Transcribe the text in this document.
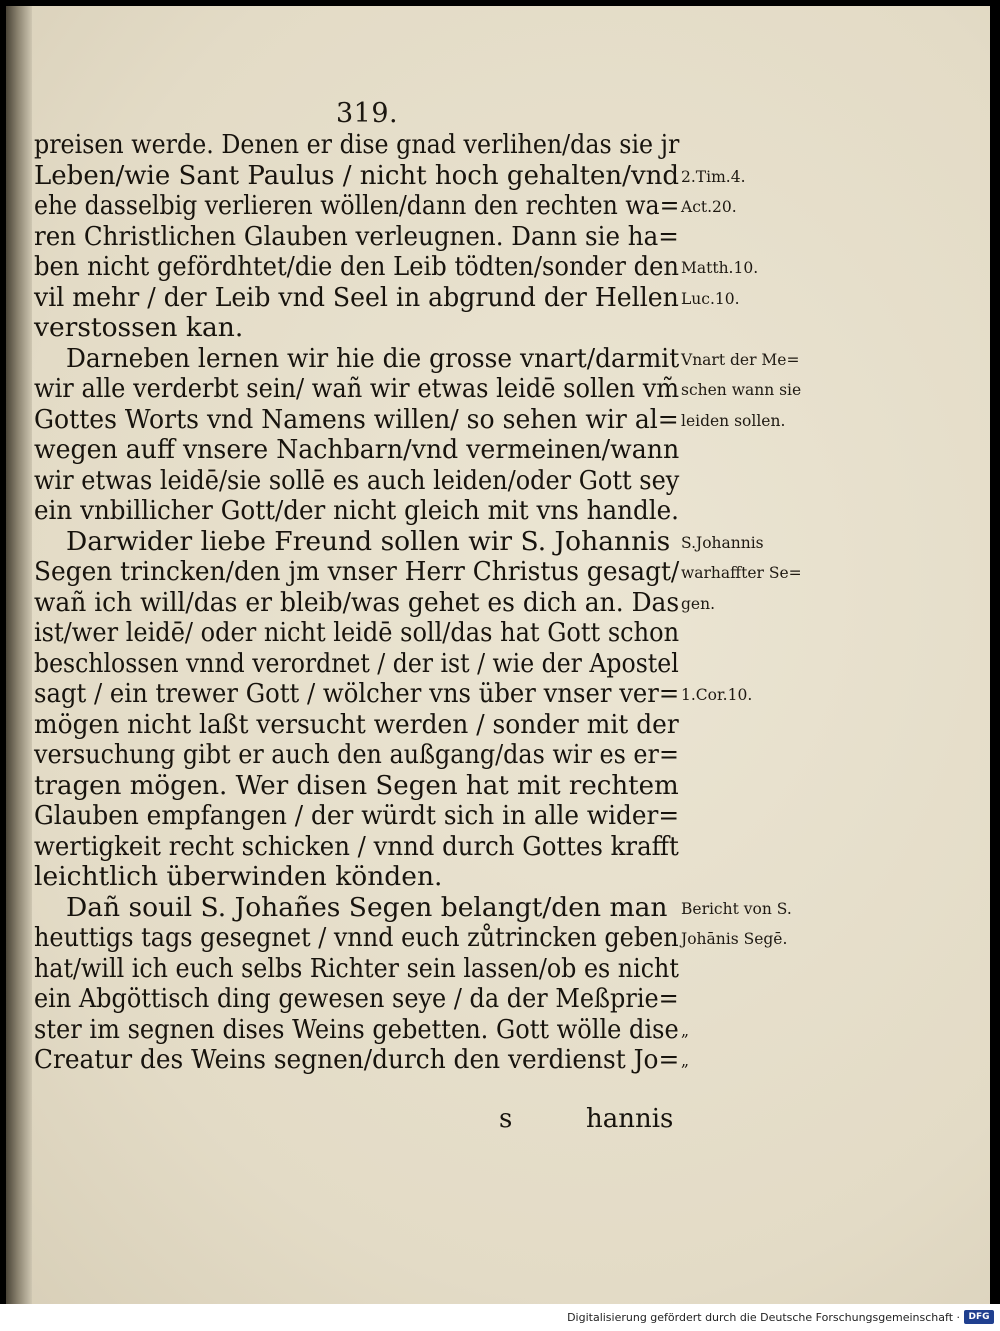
319.
preisen werde. Denen er dise gnad verlihen/das sie jr
Leben/wie Sant Paulus / nicht hoch gehalten/vnd
ehe dasselbig verlieren wöllen/dann den rechten wa=
ren Christlichen Glauben verleugnen. Dann sie ha=
ben nicht gefördhtet/die den Leib tödten/sonder den
vil mehr / der Leib vnd Seel in abgrund der Hellen
verstossen kan.
Darneben lernen wir hie die grosse vnart/darmit
wir alle verderbt sein/ wañ wir etwas leidē sollen vm̃
Gottes Worts vnd Namens willen/ so sehen wir al=
wegen auff vnsere Nachbarn/vnd vermeinen/wann
wir etwas leidē/sie sollē es auch leiden/oder Gott sey
ein vnbillicher Gott/der nicht gleich mit vns handle.
Darwider liebe Freund sollen wir S. Johannis
Segen trincken/den jm vnser Herr Christus gesagt/
wañ ich will/das er bleib/was gehet es dich an. Das
ist/wer leidē/ oder nicht leidē soll/das hat Gott schon
beschlossen vnnd verordnet / der ist / wie der Apostel
sagt / ein trewer Gott / wölcher vns über vnser ver=
mögen nicht laßt versucht werden / sonder mit der
versuchung gibt er auch den außgang/das wir es er=
tragen mögen. Wer disen Segen hat mit rechtem
Glauben empfangen / der würdt sich in alle wider=
wertigkeit recht schicken / vnnd durch Gottes krafft
leichtlich überwinden könden.
Dañ souil S. Johañes Segen belangt/den man
heuttigs tags gesegnet / vnnd euch zůtrincken geben
hat/will ich euch selbs Richter sein lassen/ob es nicht
ein Abgöttisch ding gewesen seye / da der Meßprie=
ster im segnen dises Weins gebetten. Gott wölle dise
Creatur des Weins segnen/durch den verdienst Jo=
2.Tim.4.
Act.20.
Matth.10.
Luc.10.
Vnart der Me=
schen wann sie
leiden sollen.
S.Johannis
warhaffter Se=
gen.
1.Cor.10.
Bericht von S.
Johānis Segē.
„
„
s	hannis
Digitalisierung gefördert durch die Deutsche Forschungsgemeinschaft · DFG
